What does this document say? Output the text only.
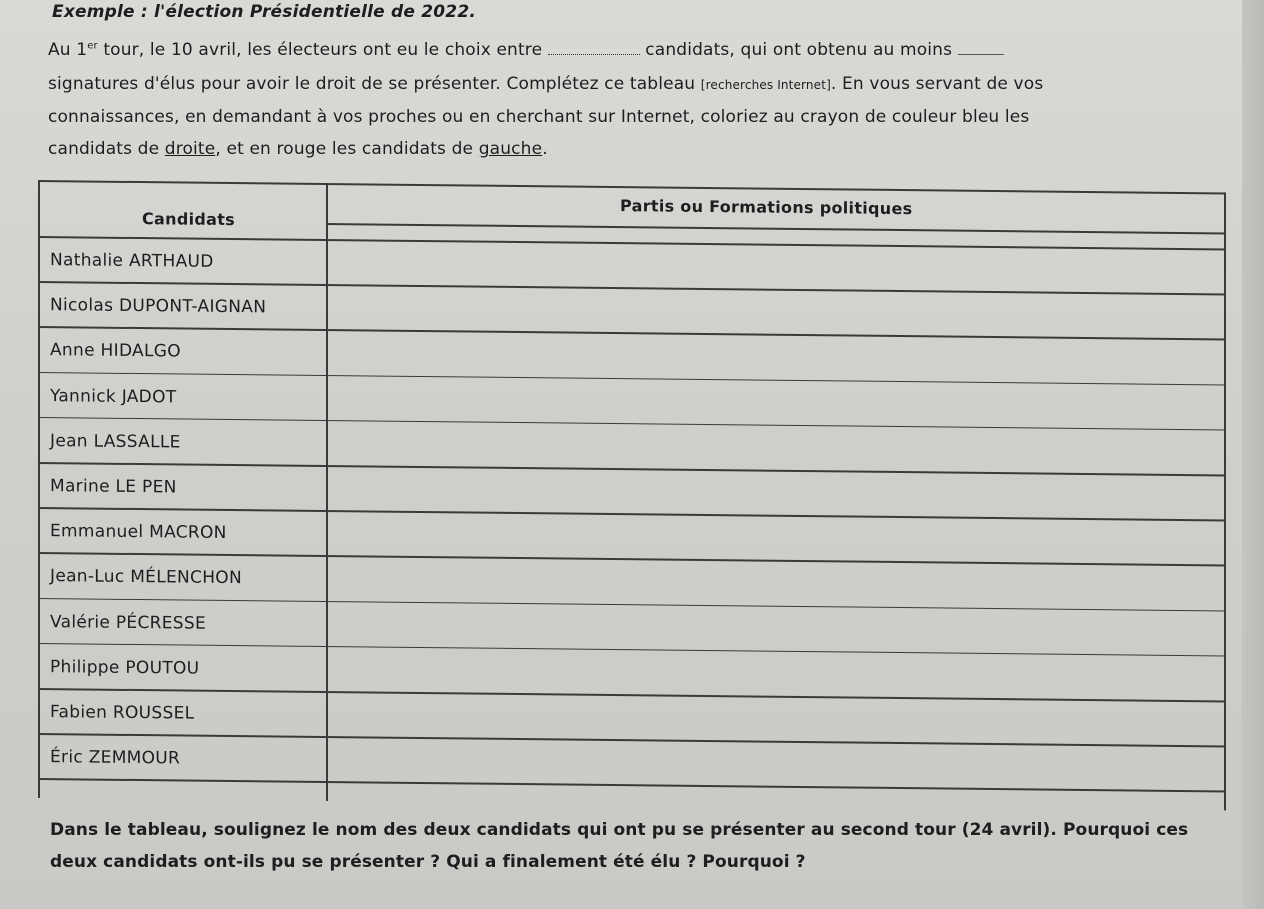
Exemple : l'élection Présidentielle de 2022.
Au 1er tour, le 10 avril, les électeurs ont eu le choix entre	candidats, qui ont obtenu au moins
signatures d'élus pour avoir le droit de se présenter. Complétez ce tableau [recherches Internet]. En vous servant de vos
connaissances, en demandant à vos proches ou en cherchant sur Internet, coloriez au crayon de couleur bleu les
candidats de droite, et en rouge les candidats de gauche.
Candidats
Partis ou Formations politiques
Nathalie ARTHAUD
Nicolas DUPONT-AIGNAN
Anne HIDALGO
Yannick JADOT
Jean LASSALLE
Marine LE PEN
Emmanuel MACRON
Jean-Luc MÉLENCHON
Valérie PÉCRESSE
Philippe POUTOU
Fabien ROUSSEL
Éric ZEMMOUR
Dans le tableau, soulignez le nom des deux candidats qui ont pu se présenter au second tour (24 avril). Pourquoi ces
deux candidats ont-ils pu se présenter ? Qui a finalement été élu ? Pourquoi ?
